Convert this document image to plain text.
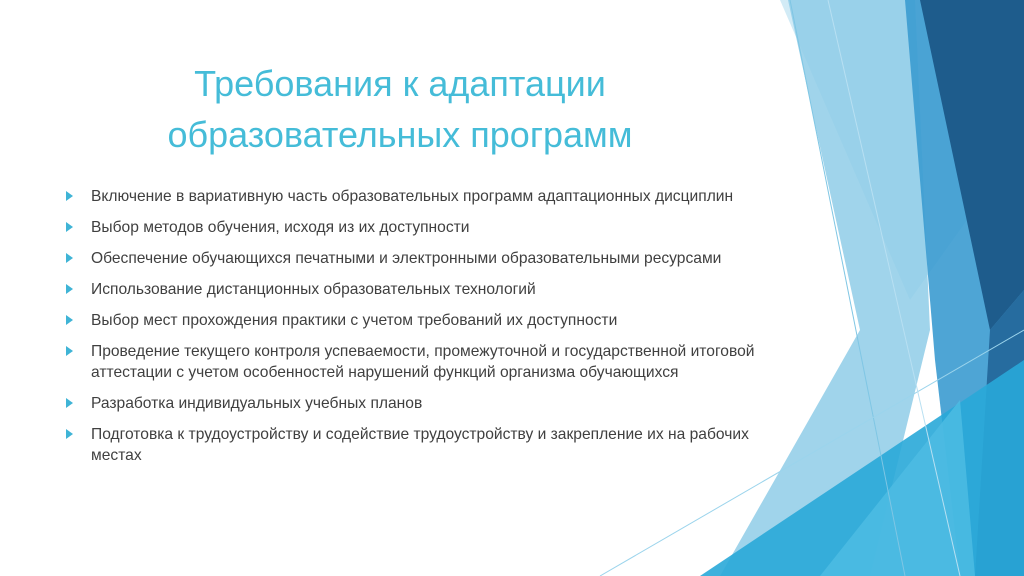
Требования к адаптации
образовательных программ
Включение в вариативную часть образовательных программ адаптационных дисциплин
Выбор методов обучения, исходя из их доступности
Обеспечение обучающихся печатными и электронными образовательными ресурсами
Использование дистанционных образовательных технологий
Выбор мест прохождения практики с учетом требований их доступности
Проведение текущего контроля успеваемости, промежуточной и государственной итоговой аттестации с учетом особенностей нарушений функций организма обучающихся
Разработка индивидуальных учебных планов
Подготовка к трудоустройству и содействие трудоустройству и закрепление их на рабочих местах
